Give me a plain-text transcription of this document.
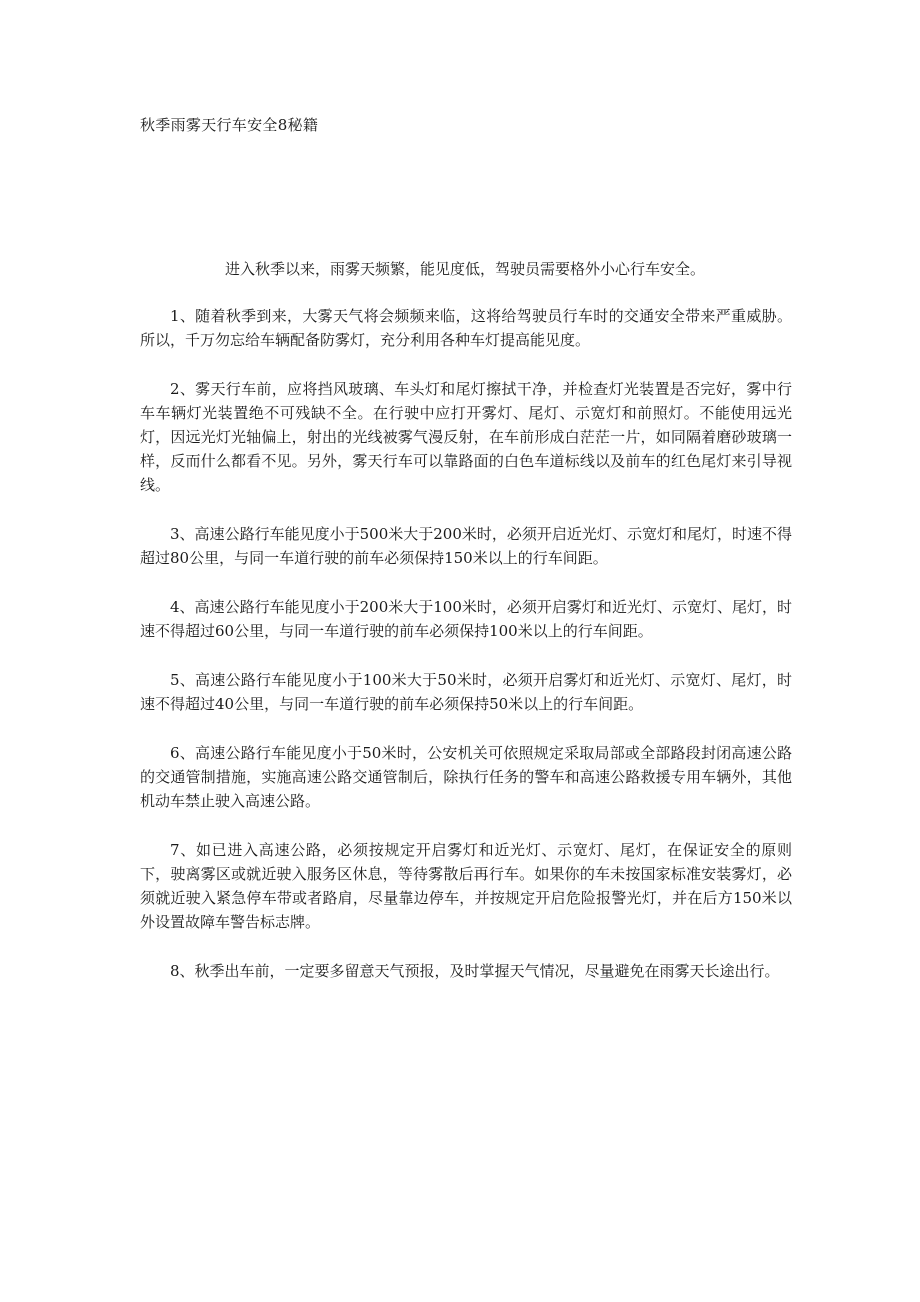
秋季雨雾天行车安全8秘籍

进入秋季以来，雨雾天频繁，能见度低，驾驶员需要格外小心行车安全。

1、随着秋季到来，大雾天气将会频频来临，这将给驾驶员行车时的交通安全带来严重威胁。所以，千万勿忘给车辆配备防雾灯，充分利用各种车灯提高能见度。
2、雾天行车前，应将挡风玻璃、车头灯和尾灯擦拭干净，并检查灯光装置是否完好，雾中行车车辆灯光装置绝不可残缺不全。在行驶中应打开雾灯、尾灯、示宽灯和前照灯。不能使用远光灯，因远光灯光轴偏上，射出的光线被雾气漫反射，在车前形成白茫茫一片，如同隔着磨砂玻璃一样，反而什么都看不见。另外，雾天行车可以靠路面的白色车道标线以及前车的红色尾灯来引导视线。
3、高速公路行车能见度小于500米大于200米时，必须开启近光灯、示宽灯和尾灯，时速不得超过80公里，与同一车道行驶的前车必须保持150米以上的行车间距。
4、高速公路行车能见度小于200米大于100米时，必须开启雾灯和近光灯、示宽灯、尾灯，时速不得超过60公里，与同一车道行驶的前车必须保持100米以上的行车间距。
5、高速公路行车能见度小于100米大于50米时，必须开启雾灯和近光灯、示宽灯、尾灯，时速不得超过40公里，与同一车道行驶的前车必须保持50米以上的行车间距。
6、高速公路行车能见度小于50米时，公安机关可依照规定采取局部或全部路段封闭高速公路的交通管制措施，实施高速公路交通管制后，除执行任务的警车和高速公路救援专用车辆外，其他机动车禁止驶入高速公路。
7、如已进入高速公路，必须按规定开启雾灯和近光灯、示宽灯、尾灯，在保证安全的原则下，驶离雾区或就近驶入服务区休息，等待雾散后再行车。如果你的车未按国家标准安装雾灯，必须就近驶入紧急停车带或者路肩，尽量靠边停车，并按规定开启危险报警光灯，并在后方150米以外设置故障车警告标志牌。
8、秋季出车前，一定要多留意天气预报，及时掌握天气情况，尽量避免在雨雾天长途出行。
